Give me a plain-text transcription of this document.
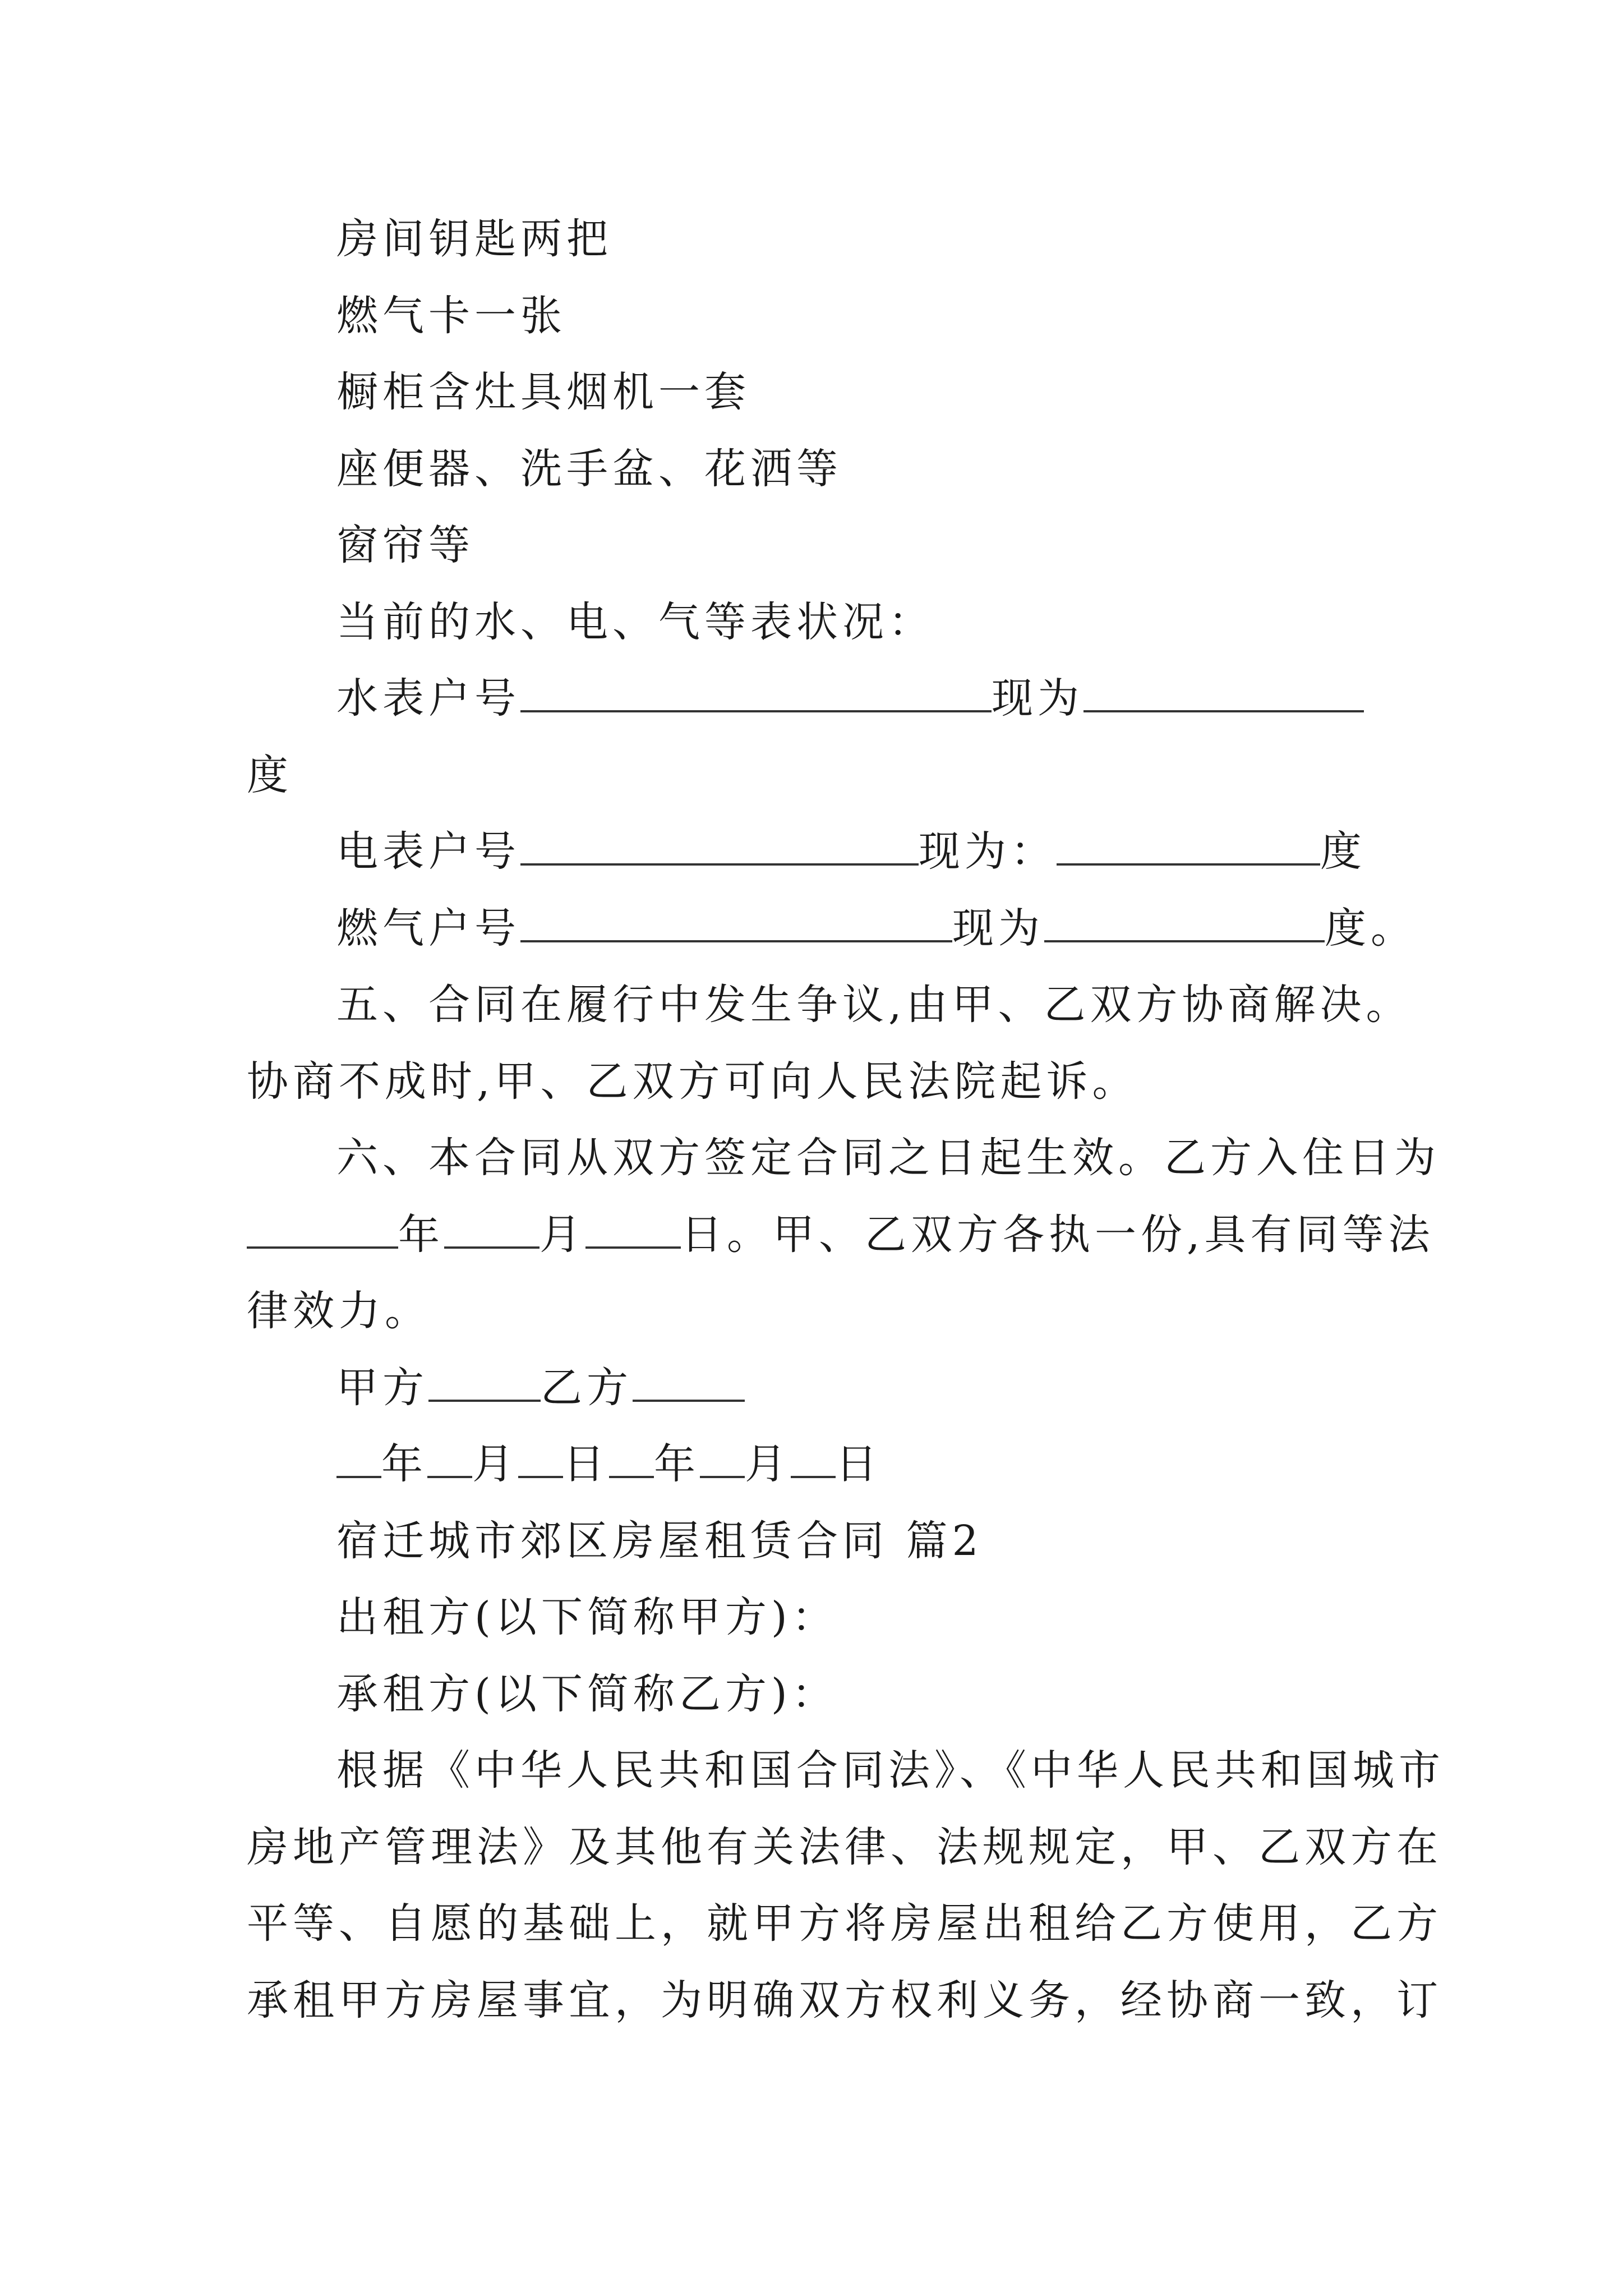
房间钥匙两把
燃气卡一张
橱柜含灶具烟机一套
座便器、洗手盆、花洒等
窗帘等
当前的水、电、气等表状况：
水表户号	现为
度
电表户号	现为：	度
燃气户号	现为	度。
五、合同在履行中发生争议,由甲、乙双方协商解决。
协商不成时,甲、乙双方可向人民法院起诉。
六、本合同从双方签定合同之日起生效。乙方入住日为
年 月 日。甲、乙双方各执一份,具有同等法
律效力。
甲方	乙方
年 月 日 年 月 日
宿迁城市郊区房屋租赁合同 篇2
出租方(以下简称甲方)：
承租方(以下简称乙方)：
根据《中华人民共和国合同法》、《中华人民共和国城市
房地产管理法》及其他有关法律、法规规定，甲、乙双方在
平等、自愿的基础上，就甲方将房屋出租给乙方使用，乙方
承租甲方房屋事宜，为明确双方权利义务，经协商一致，订
